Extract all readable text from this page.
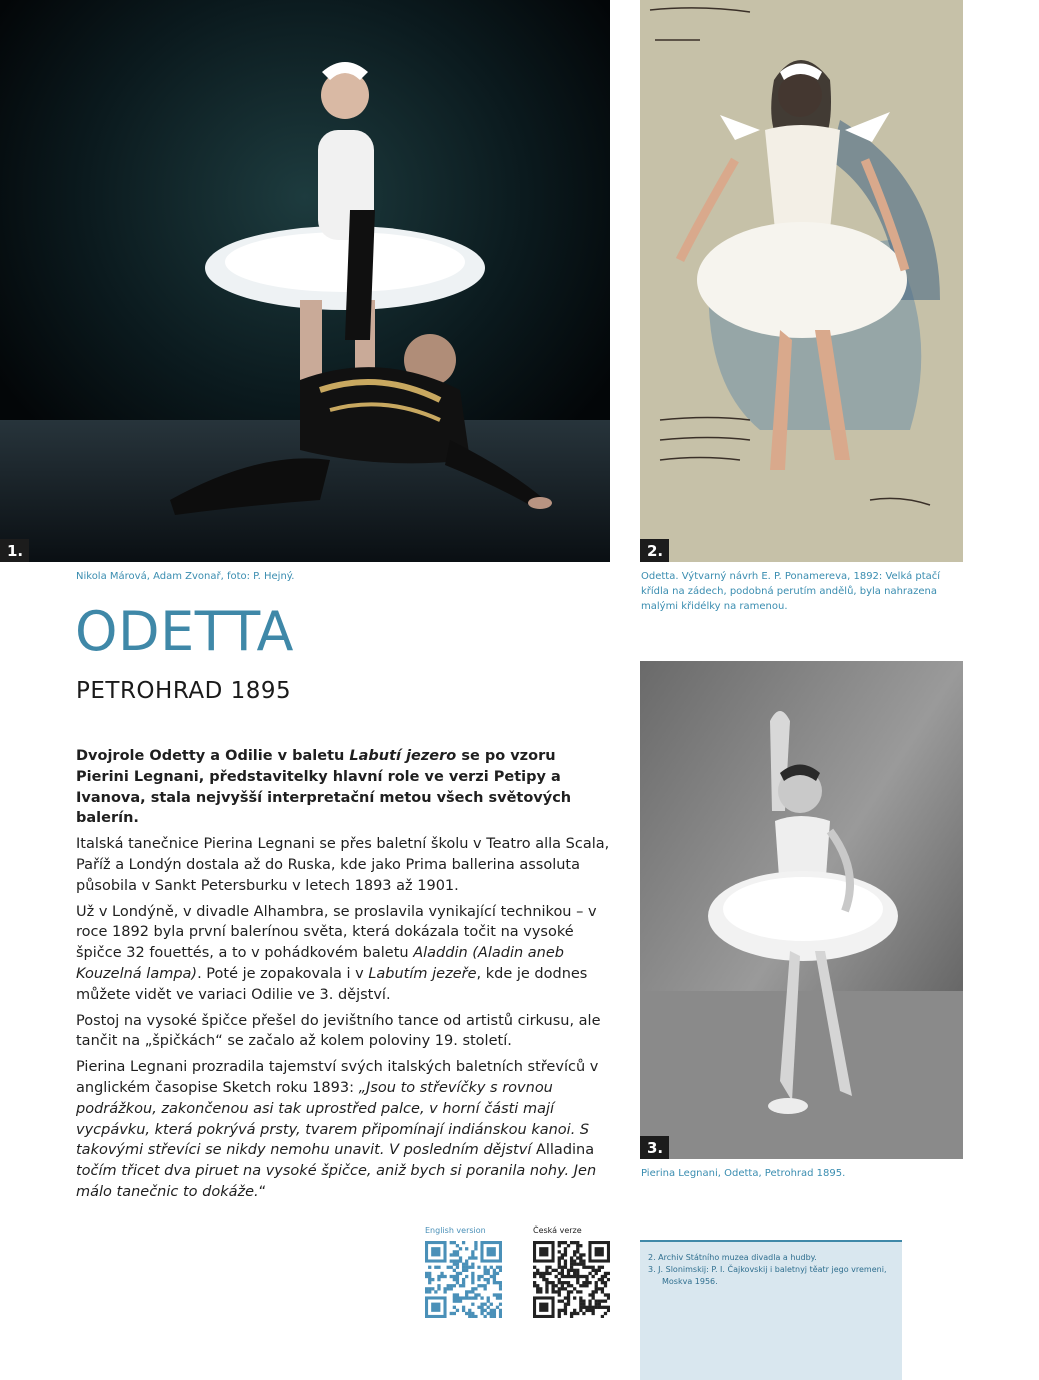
1.
Nikola Márová, Adam Zvonař, foto: P. Hejný.
2.
Odetta. Výtvarný návrh E. P. Ponamereva, 1892: Velká ptačí křídla na zádech, podobná perutím andělů, byla nahrazena malými křidélky na ramenou.
ODETTA
PETROHRAD 1895

Dvojrole Odetty a Odilie v baletu Labutí jezero se po vzoru Pierini Legnani, představitelky hlavní role ve verzi Petipy a Ivanova, stala nejvyšší interpretační metou všech světových balerín.

Italská tanečnice Pierina Legnani se přes baletní školu v Teatro alla Scala, Paříž a Londýn dostala až do Ruska, kde jako Prima ballerina assoluta působila v Sankt Petersburku v letech 1893 až 1901.

Už v Londýně, v divadle Alhambra, se proslavila vynikající technikou – v roce 1892 byla první balerínou světa, která dokázala točit na vysoké špičce 32 fouettés, a to v pohádkovém baletu Aladdin (Aladin aneb Kouzelná lampa). Poté je zopakovala i v Labutím jezeře, kde je dodnes můžete vidět ve variaci Odilie ve 3. dějství.

Postoj na vysoké špičce přešel do jevištního tance od artistů cirkusu, ale tančit na „špičkách“ se začalo až kolem poloviny 19. století.

Pierina Legnani prozradila tajemství svých italských baletních střevíců v anglickém časopise Sketch roku 1893: „Jsou to střevíčky s rovnou podrážkou, zakončenou asi tak uprostřed palce, v horní části mají vycpávku, která pokrývá prsty, tvarem připomínají indiánskou kanoi. S takovými střevíci se nikdy nemohu unavit. V posledním dějství Alladina točím třicet dva piruet na vysoké špičce, aniž bych si poranila nohy. Jen málo tanečnic to dokáže.“

3.
Pierina Legnani, Odetta, Petrohrad 1895.
English version	Česká verze
2. Archiv Státního muzea divadla a hudby.
3. J. Slonimskij: P. I. Čajkovskij i baletnyj těatr jego vremeni, Moskva 1956.
